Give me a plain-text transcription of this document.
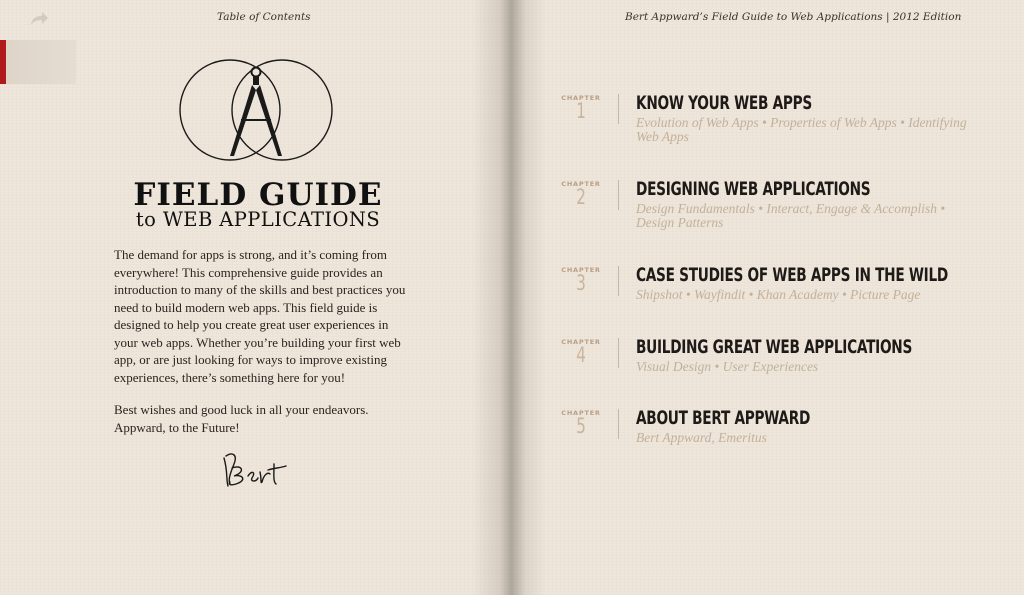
Table of Contents
FIELD GUIDE
to WEB APPLICATIONS

The demand for apps is strong, and it’s coming from everywhere! This comprehensive guide provides an introduction to many of the skills and best practices you need to build modern web apps. This field guide is designed to help you create great user experiences in your web apps. Whether you’re building your first web app, or are just looking for ways to improve existing experiences, there’s something here for you!

Best wishes and good luck in all your endeavors.
Appward, to the Future!
Bert Appward’s Field Guide to Web Applications | 2012 Edition
CHAPTER
1	KNOW YOUR WEB APPS
Evolution of Web Apps • Properties of Web Apps • Identifying Web Apps
CHAPTER
2	DESIGNING WEB APPLICATIONS
Design Fundamentals • Interact, Engage & Accomplish • Design Patterns
CHAPTER
3	CASE STUDIES OF WEB APPS IN THE WILD
Shipshot • Wayfindit • Khan Academy • Picture Page
CHAPTER
4	BUILDING GREAT WEB APPLICATIONS
Visual Design • User Experiences
CHAPTER
5	ABOUT BERT APPWARD
Bert Appward, Emeritus
